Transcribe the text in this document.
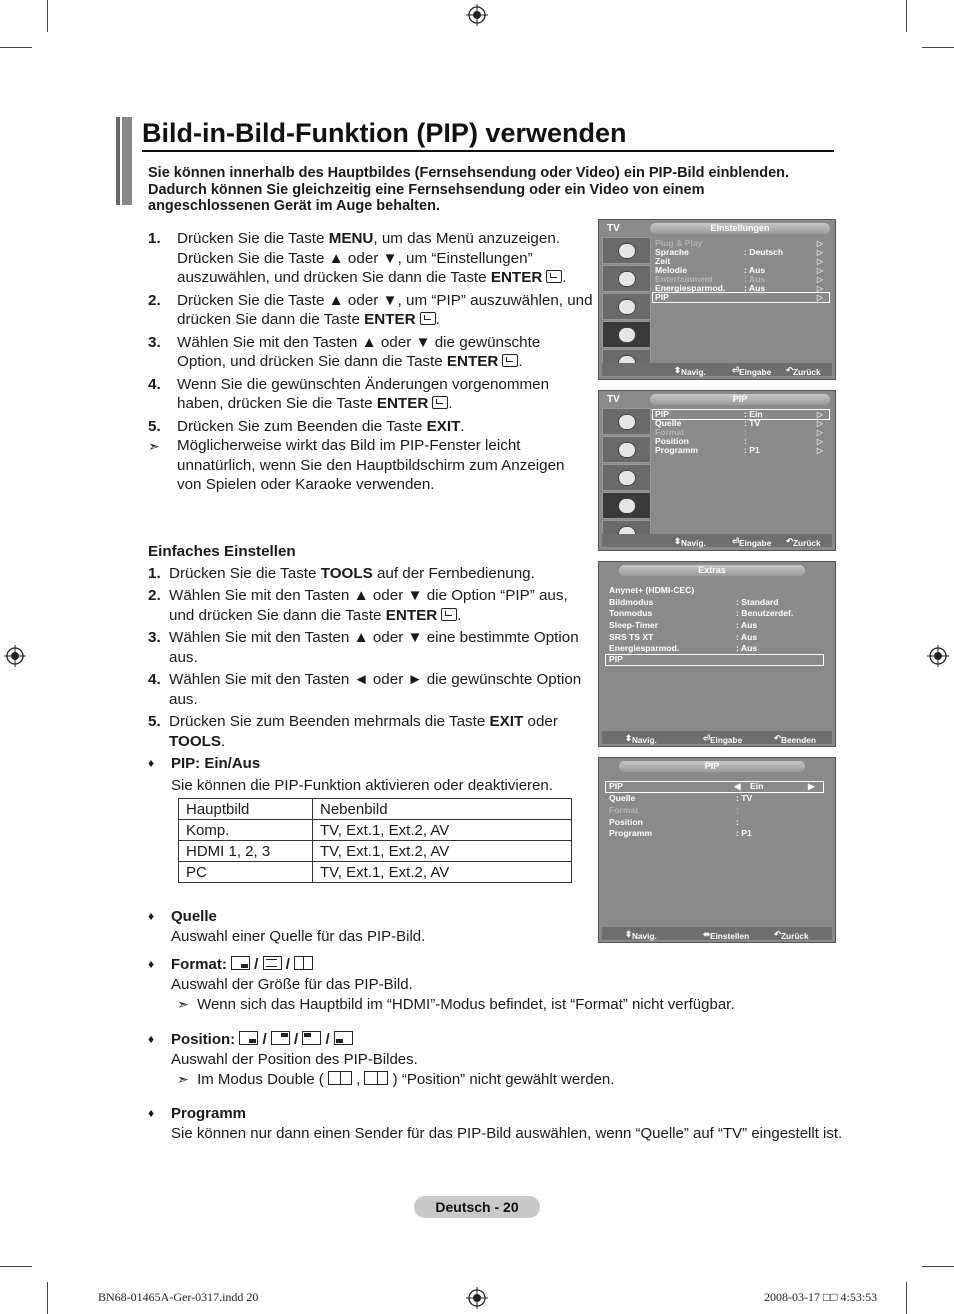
Bild-in-Bild-Funktion (PIP) verwenden
Sie können innerhalb des Hauptbildes (Fernsehsendung oder Video) ein PIP-Bild einblenden. Dadurch können Sie gleichzeitig eine Fernsehsendung oder ein Video von einem angeschlossenen Gerät im Auge behalten.
1. Drücken Sie die Taste MENU, um das Menü anzuzeigen. Drücken Sie die Taste ▲ oder ▼, um “Einstellungen” auszuwählen, und drücken Sie dann die Taste ENTER .
2. Drücken Sie die Taste ▲ oder ▼, um “PIP” auszuwählen, und drücken Sie dann die Taste ENTER .
3. Wählen Sie mit den Tasten ▲ oder ▼ die gewünschte Option, und drücken Sie dann die Taste ENTER .
4. Wenn Sie die gewünschten Änderungen vorgenommen haben, drücken Sie die Taste ENTER .
5. Drücken Sie zum Beenden die Taste EXIT.
➣ Möglicherweise wirkt das Bild im PIP-Fenster leicht unnatürlich, wenn Sie den Hauptbildschirm zum Anzeigen von Spielen oder Karaoke verwenden.
Einfaches Einstellen
1. Drücken Sie die Taste TOOLS auf der Fernbedienung.
2. Wählen Sie mit den Tasten ▲ oder ▼ die Option “PIP” aus, und drücken Sie dann die Taste ENTER .
3. Wählen Sie mit den Tasten ▲ oder ▼ eine bestimmte Option aus.
4. Wählen Sie mit den Tasten ◄ oder ► die gewünschte Option aus.
5. Drücken Sie zum Beenden mehrmals die Taste EXIT oder TOOLS.
♦ PIP: Ein/Aus
Sie können die PIP-Funktion aktivieren oder deaktivieren.
Hauptbild	Nebenbild
Komp.	TV, Ext.1, Ext.2, AV
HDMI 1, 2, 3	TV, Ext.1, Ext.2, AV
PC	TV, Ext.1, Ext.2, AV
♦ Quelle
Auswahl einer Quelle für das PIP-Bild.
♦ Format:
/
/
Auswahl der Größe für das PIP-Bild.
➣ Wenn sich das Hauptbild im “HDMI”-Modus befindet, ist “Format” nicht verfügbar.
♦ Position:
/
/
/
Auswahl der Position des PIP-Bildes.
➣ Im Modus Double (
,
) “Position” nicht gewählt werden.
♦ Programm
Sie können nur dann einen Sender für das PIP-Bild auswählen, wenn “Quelle” auf “TV” eingestellt ist.
TV	Einstellungen
Plug & Play	▷
Sprache	: Deutsch	▷
Zeit	▷
Melodie	: Aus	▷
Entertainment	: Aus	▷
Energiesparmod. : Aus	▷
PIP	▷
⬍ Navig.	⏎ Eingabe ↶ Zurück
TV	PIP
PIP	: Ein	▷
Quelle	: TV	▷
Format	:	▷
Position	:	▷
Programm	: P1	▷
⬍ Navig.	⏎ Eingabe ↶ Zurück
Extras
Anynet+ (HDMI-CEC)
Bildmodus	: Standard
Tonmodus	: Benutzerdef.
Sleep-Timer	: Aus
SRS TS XT	: Aus
Energiesparmod.	: Aus
PIP
⬍ Navig.	⏎ Eingabe	↶ Beenden
PIP
PIP	◀ Ein	▶
Quelle	: TV
Format	:
Position	:
Programm	: P1
⬍ Navig.	⬌ Einstellen	↶ Zurück
Deutsch - 20
BN68-01465A-Ger-0317.indd 20	2008-03-17 □□ 4:53:53
